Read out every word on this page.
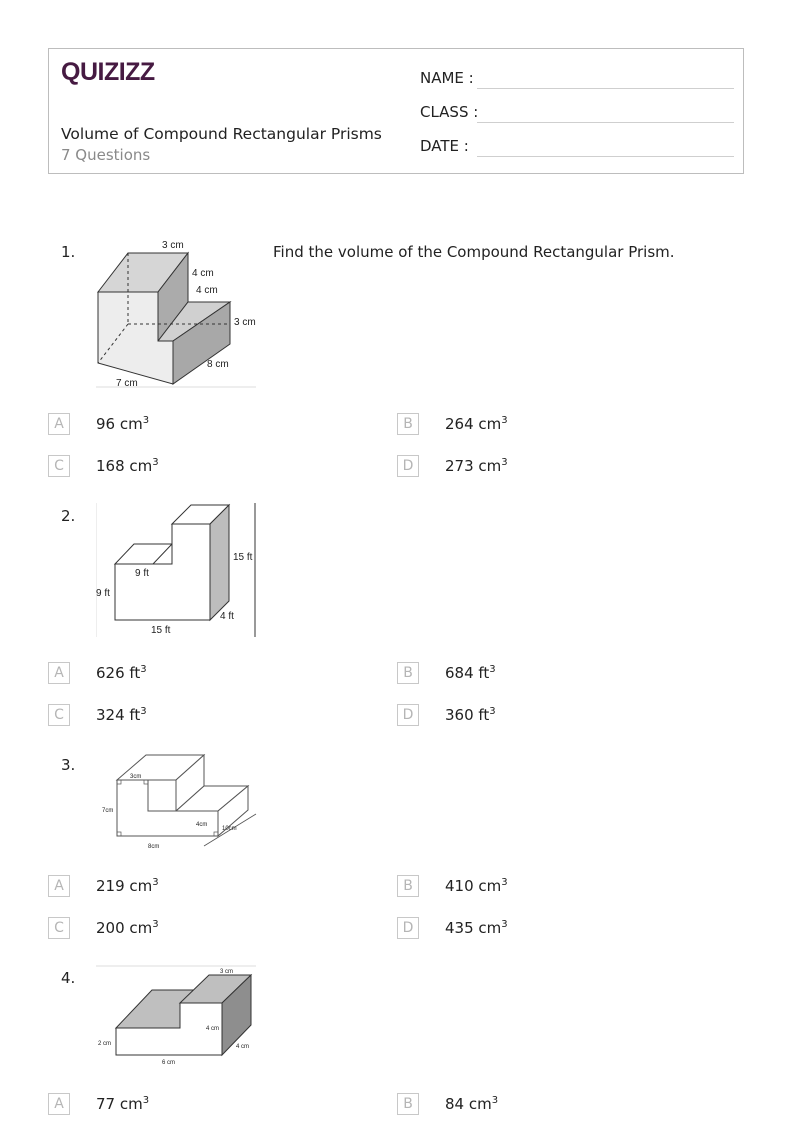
QUIZIZZ
Volume of Compound Rectangular Prisms
7 Questions
NAME :
CLASS :
DATE :
1.	Find the volume of the Compound Rectangular Prism.
3 cm
4 cm
4 cm
3 cm
8 cm
7 cm
A	96 $cm^3$	B	264 $cm^3$
C	168 $cm^3$	D	273 $cm^3$
2.
15 ft
9 ft
9 ft
4 ft
15 ft
A	626 $ft^3$	B	684 $ft^3$
C	324 $ft^3$	D	360 $ft^3$
3.
3cm
7cm
4cm
10cm
8cm
A	219 $cm^3$	B	410 $cm^3$
C	200 $cm^3$	D	435 $cm^3$
4.	3 cm
4 cm
2 cm	4 cm
6 cm
A	77 $cm^3$	B	84 $cm^3$
